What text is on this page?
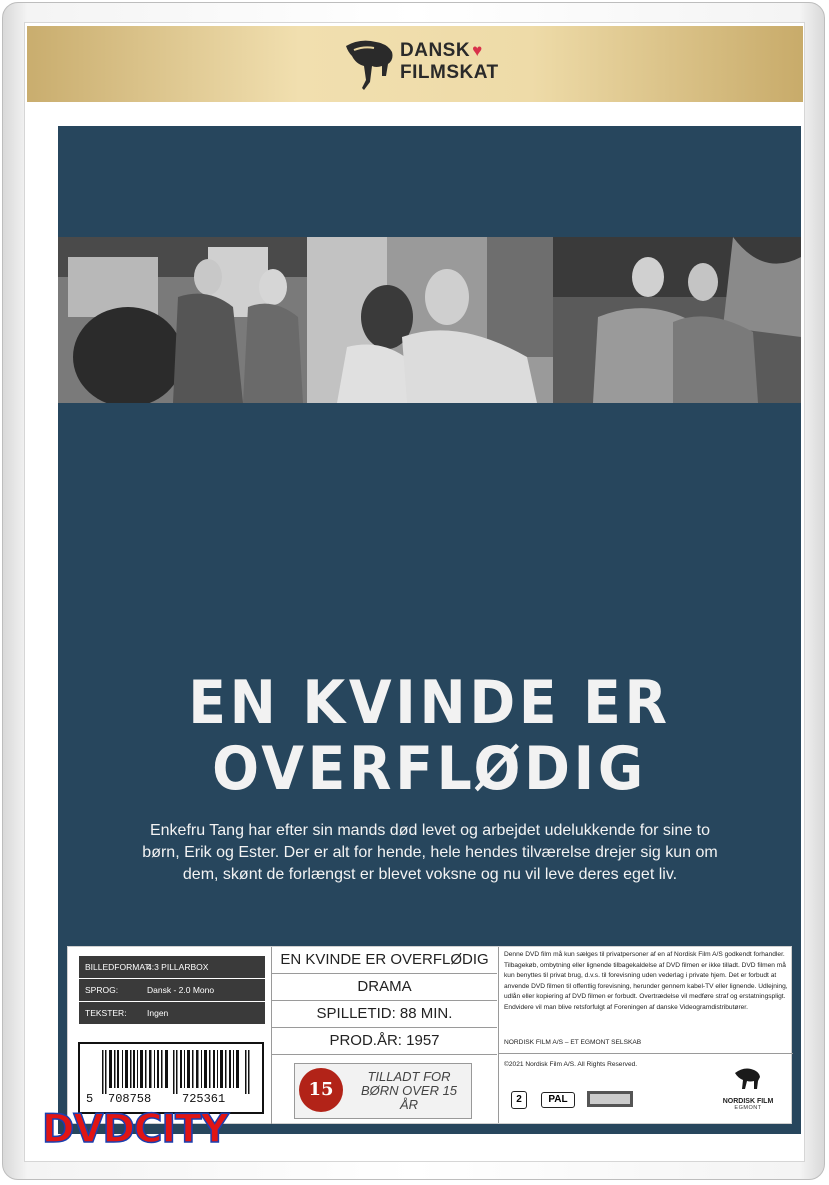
DANSK ♥
FILMSKAT
EN KVINDE ER
OVERFLØDIG
Enkefru Tang har efter sin mands død levet og arbejdet udelukkende for sine to børn, Erik og Ester. Der er alt for hende, hele hendes tilværelse drejer sig kun om dem, skønt de forlængst er blevet voksne og nu vil leve deres eget liv.
BILLEDFORMAT:4:3 PILLARBOX
SPROG:	Dansk - 2.0 Mono
TEKSTER: Ingen
5 708758	725361
EN KVINDE ER OVERFLØDIG
DRAMA
SPILLETID: 88 MIN.
PROD.ÅR: 1957
15
TILLADT FOR BØRN OVER 15 ÅR
Denne DVD film må kun sælges til privatpersoner af en af Nordisk Film A/S godkendt forhandler. Tilbagekøb, ombytning eller lignende tilbagekaldelse af DVD filmen er ikke tilladt. DVD filmen må kun benyttes til privat brug, d.v.s. til forevisning uden vederlag i private hjem. Det er forbudt at anvende DVD filmen til offentlig forevisning, herunder gennem kabel-TV eller lignende. Udlejning, udlån eller kopiering af DVD filmen er forbudt. Overtrædelse vil medføre straf og erstatningspligt. Endvidere vil man blive retsforfulgt af Foreningen af danske Videogramdistributører.
NORDISK FILM A/S – ET EGMONT SELSKAB
©2021 Nordisk Film A/S. All Rights Reserved.
2	PAL	NORDISK FILM
EGMONT
DVDCITY
